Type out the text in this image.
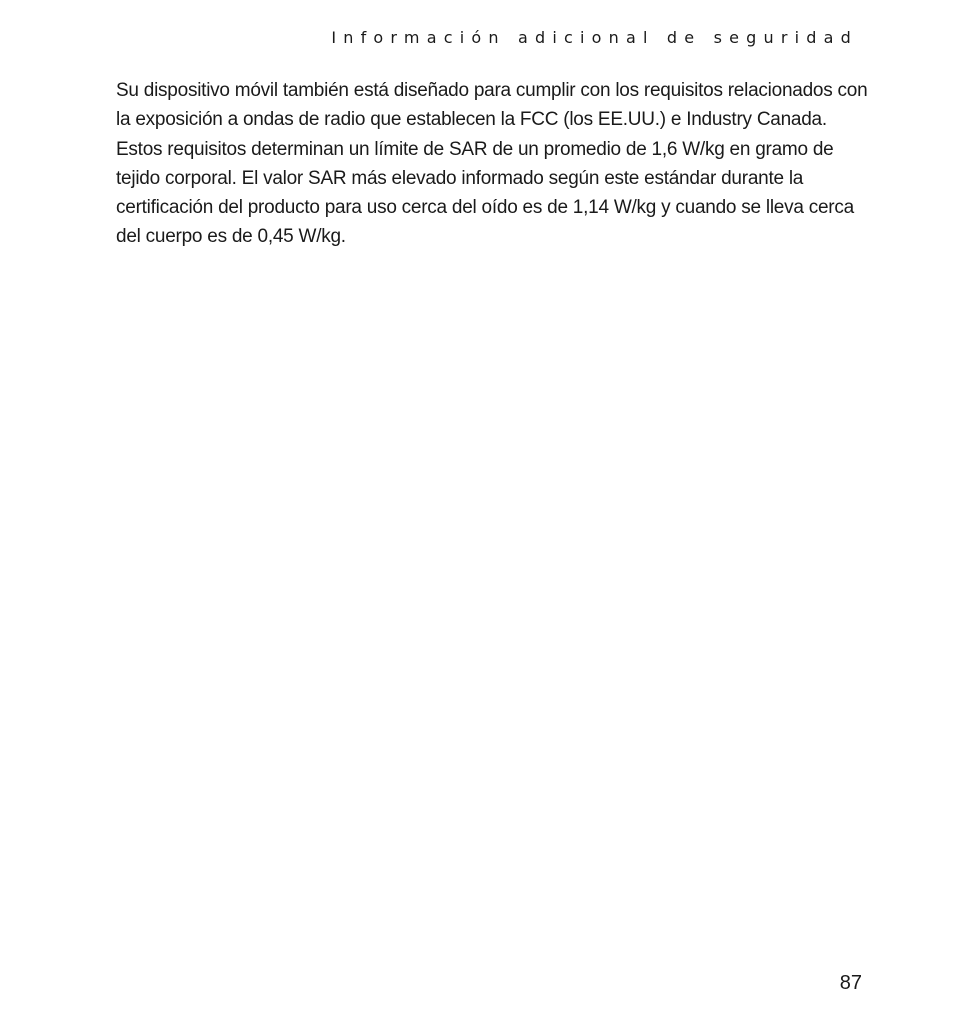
Información adicional de seguridad

Su dispositivo móvil también está diseñado para cumplir con los requisitos relacionados con la exposición a ondas de radio que establecen la FCC (los EE.UU.) e Industry Canada. Estos requisitos determinan un límite de SAR de un promedio de 1,6 W/kg en gramo de tejido corporal. El valor SAR más elevado informado según este estándar durante la certificación del producto para uso cerca del oído es de 1,14 W/kg y cuando se lleva cerca del cuerpo es de 0,45 W/kg.

87
